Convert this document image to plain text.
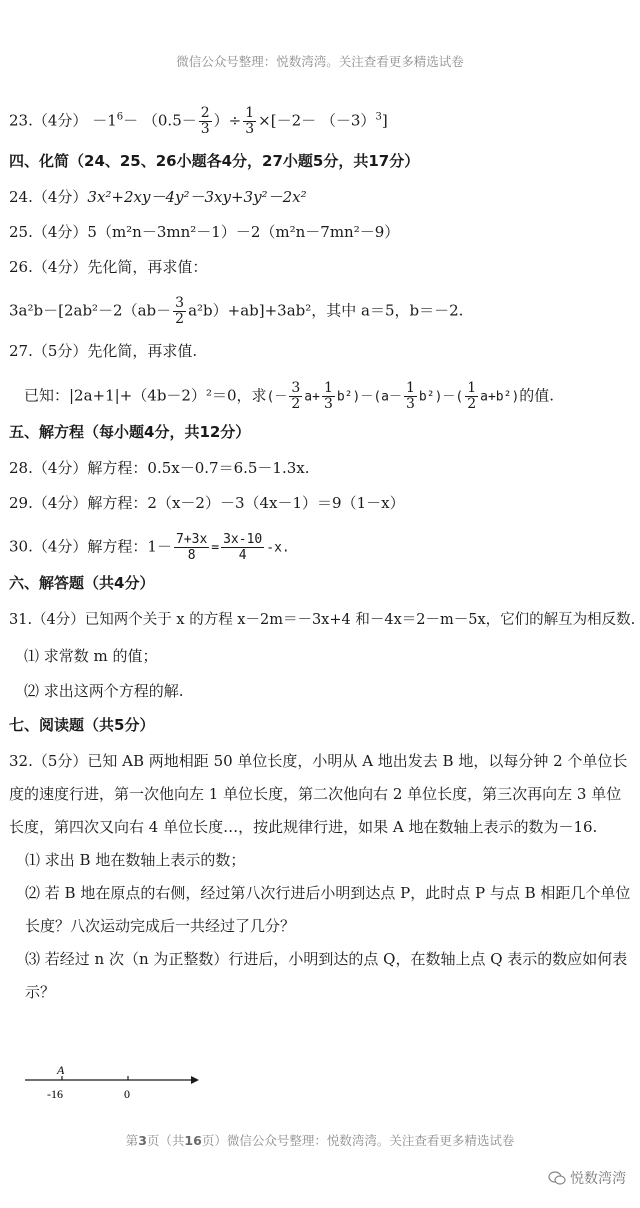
微信公众号整理：悦数湾湾。关注查看更多精选试卷
23.（4分） $-1^6- (0.5- \frac{2}{3}$ ）÷ $\frac{1}{3} \times[-2- (-3)^3]$
四、化简（24、25、26小题各4分，27小题5分，共17分）
24.（4分）3x²+2xy－4y²－3xy+3y²－2x²
25.（4分）5（m²n－3mn²－1）－2（m²n－7mn²－9）
26.（4分）先化简，再求值：
$3a^2b-[2ab^2-2(ab- \frac{3}{2} a^2b)+ab]+3ab^2$，其中 a＝5，b＝－2.
27.（5分）先化简，再求值.
已知：|2a+1|+（4b－2）²＝0，求(－ $\frac{3}{2} a+ \frac{1}{3} b^2)-(a- \frac{1}{3} b^2)-( \frac{1}{2} a+b^2)$的值.
五、解方程（每小题4分，共12分）
28.（4分）解方程：0.5x－0.7＝6.5－1.3x.
29.（4分）解方程：2（x－2）－3（4x－1）＝9（1－x）
30.（4分）解方程：$1- \frac{7+3x}{8} = \frac{3x-10}{4} -x$.
六、解答题（共4分）
31.（4分）已知两个关于 x 的方程 x－2m＝－3x+4 和－4x＝2－m－5x，它们的解互为相反数.
⑴ 求常数 m 的值；
⑵ 求出这两个方程的解.
七、阅读题（共5分）
32.（5分）已知 AB 两地相距 50 单位长度，小明从 A 地出发去 B 地，以每分钟 2 个单位长度的速度行进，第一次他向左 1 单位长度，第二次他向右 2 单位长度，第三次再向左 3 单位长度，第四次又向右 4 单位长度…，按此规律行进，如果 A 地在数轴上表示的数为－16.
⑴ 求出 B 地在数轴上表示的数；
⑵ 若 B 地在原点的右侧，经过第八次行进后小明到达点 P，此时点 P 与点 B 相距几个单位长度？八次运动完成后一共经过了几分？
⑶ 若经过 n 次（n 为正整数）行进后，小明到达的点 Q，在数轴上点 Q 表示的数应如何表示？
A
-16	0
第3页（共16页）微信公众号整理：悦数湾湾。关注查看更多精选试卷
悦数湾湾
